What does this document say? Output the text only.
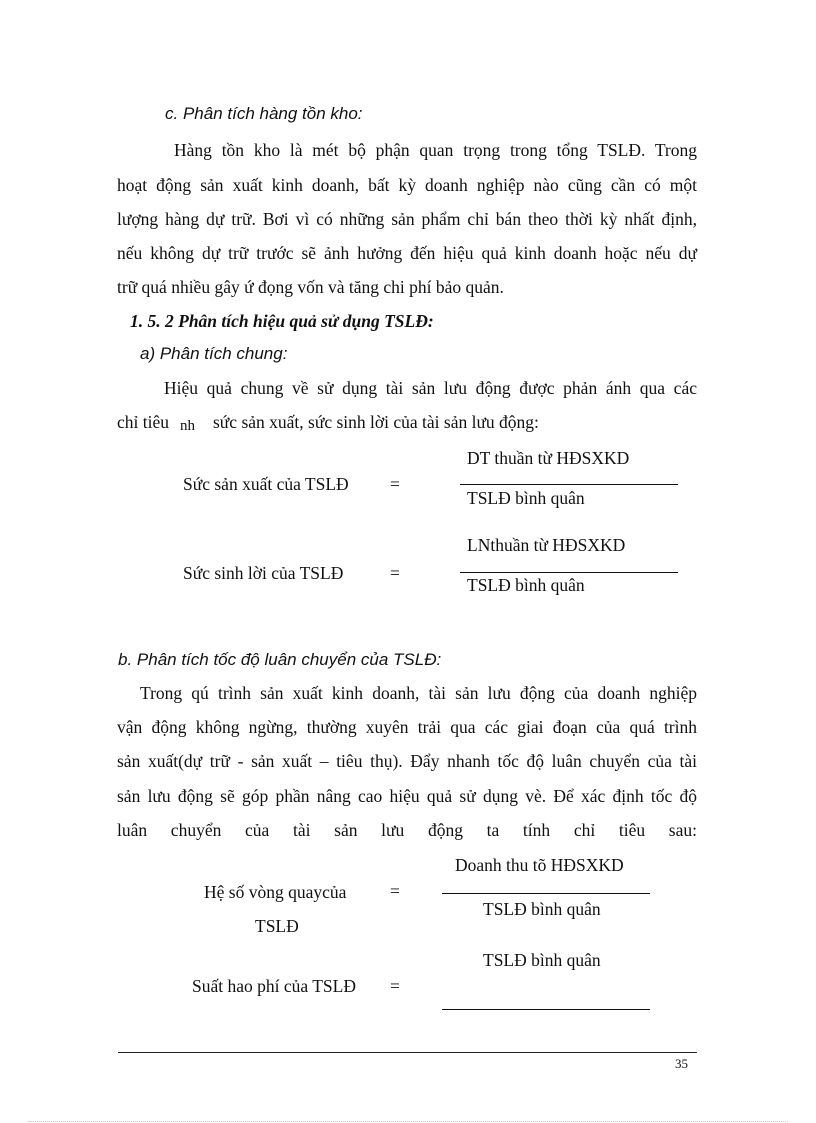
c. Phân tích hàng tồn kho:
Hàng tồn kho là mét bộ phận quan trọng trong tổng TSLĐ. Trong
hoạt động sản xuất kinh doanh, bất kỳ doanh nghiệp nào cũng cần có một
lượng hàng dự trữ. Bơi vì có những sản phẩm chỉ bán theo thời kỳ nhất định,
nếu không dự trữ trước sẽ ảnh hưởng đến hiệu quả kinh doanh hoặc nếu dự
trữ quá nhiều gây ứ đọng vốn và tăng chi phí bảo quản.
1. 5. 2 Phân tích hiệu quả sử dụng TSLĐ:
a) Phân tích chung:
Hiệu quả chung về sử dụng tài sản lưu động được phản ánh qua các
chỉ tiêu nh sức sản xuất, sức sinh lời của tài sản lưu động:
DT thuần từ HĐSXKD
Sức sản xuất của TSLĐ =
TSLĐ bình quân
LNthuần từ HĐSXKD
Sức sinh lời của TSLĐ	=
TSLĐ bình quân
b. Phân tích tốc độ luân chuyển của TSLĐ:
Trong qú trình sản xuất kinh doanh, tài sản lưu động của doanh nghiệp
vận động không ngừng, thường xuyên trải qua các giai đoạn của quá trình
sản xuất(dự trữ - sản xuất – tiêu thụ). Đẩy nhanh tốc độ luân chuyển của tài
sản lưu động sẽ góp phần nâng cao hiệu quả sử dụng vè. Để xác định tốc độ
luân chuyển của tài sản lưu động ta tính chỉ tiêu sau:
Doanh thu tõ HĐSXKD
Hệ số vòng quaycủa
TSLĐ
=
TSLĐ bình quân
TSLĐ bình quân
Suất hao phí của TSLĐ =
35
